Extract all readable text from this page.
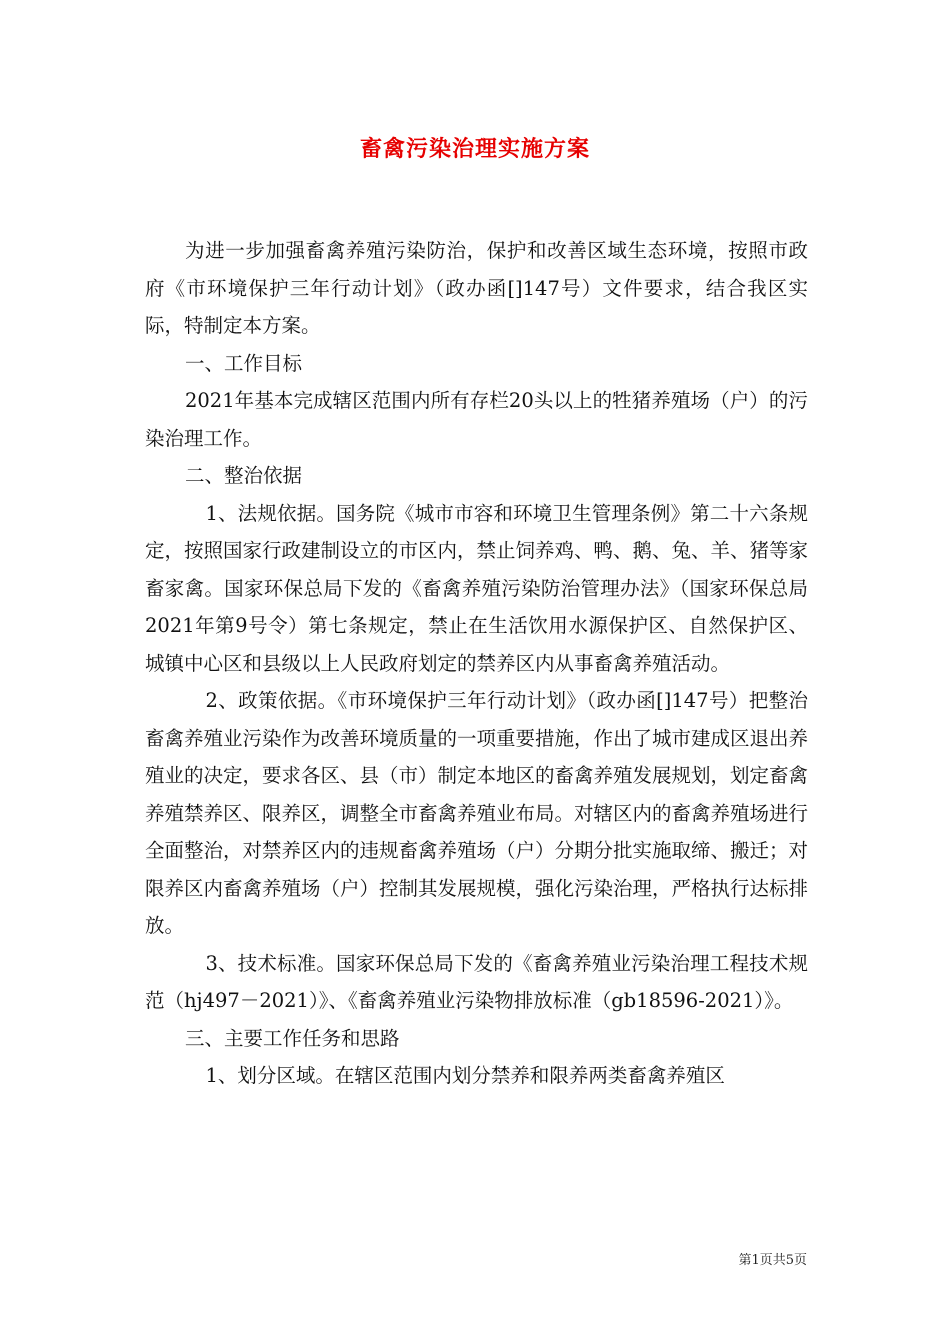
畜禽污染治理实施方案

为进一步加强畜禽养殖污染防治，保护和改善区域生态环境，按照市政府《市环境保护三年行动计划》（政办函[]147号）文件要求，结合我区实际，特制定本方案。

一、工作目标

2021年基本完成辖区范围内所有存栏20头以上的牲猪养殖场（户）的污染治理工作。

二、整治依据

1、法规依据。国务院《城市市容和环境卫生管理条例》第二十六条规定，按照国家行政建制设立的市区内，禁止饲养鸡、鸭、鹅、兔、羊、猪等家畜家禽。国家环保总局下发的《畜禽养殖污染防治管理办法》（国家环保总局2021年第9号令）第七条规定，禁止在生活饮用水源保护区、自然保护区、城镇中心区和县级以上人民政府划定的禁养区内从事畜禽养殖活动。

2、政策依据。《市环境保护三年行动计划》（政办函[]147号）把整治畜禽养殖业污染作为改善环境质量的一项重要措施，作出了城市建成区退出养殖业的决定，要求各区、县（市）制定本地区的畜禽养殖发展规划，划定畜禽养殖禁养区、限养区，调整全市畜禽养殖业布局。对辖区内的畜禽养殖场进行全面整治，对禁养区内的违规畜禽养殖场（户）分期分批实施取缔、搬迁；对限养区内畜禽养殖场（户）控制其发展规模，强化污染治理，严格执行达标排放。

3、技术标准。国家环保总局下发的《畜禽养殖业污染治理工程技术规范（hj497－2021）》、《畜禽养殖业污染物排放标准（gb18596-2021）》。

三、主要工作任务和思路

1、划分区域。在辖区范围内划分禁养和限养两类畜禽养殖区

第1页共5页
